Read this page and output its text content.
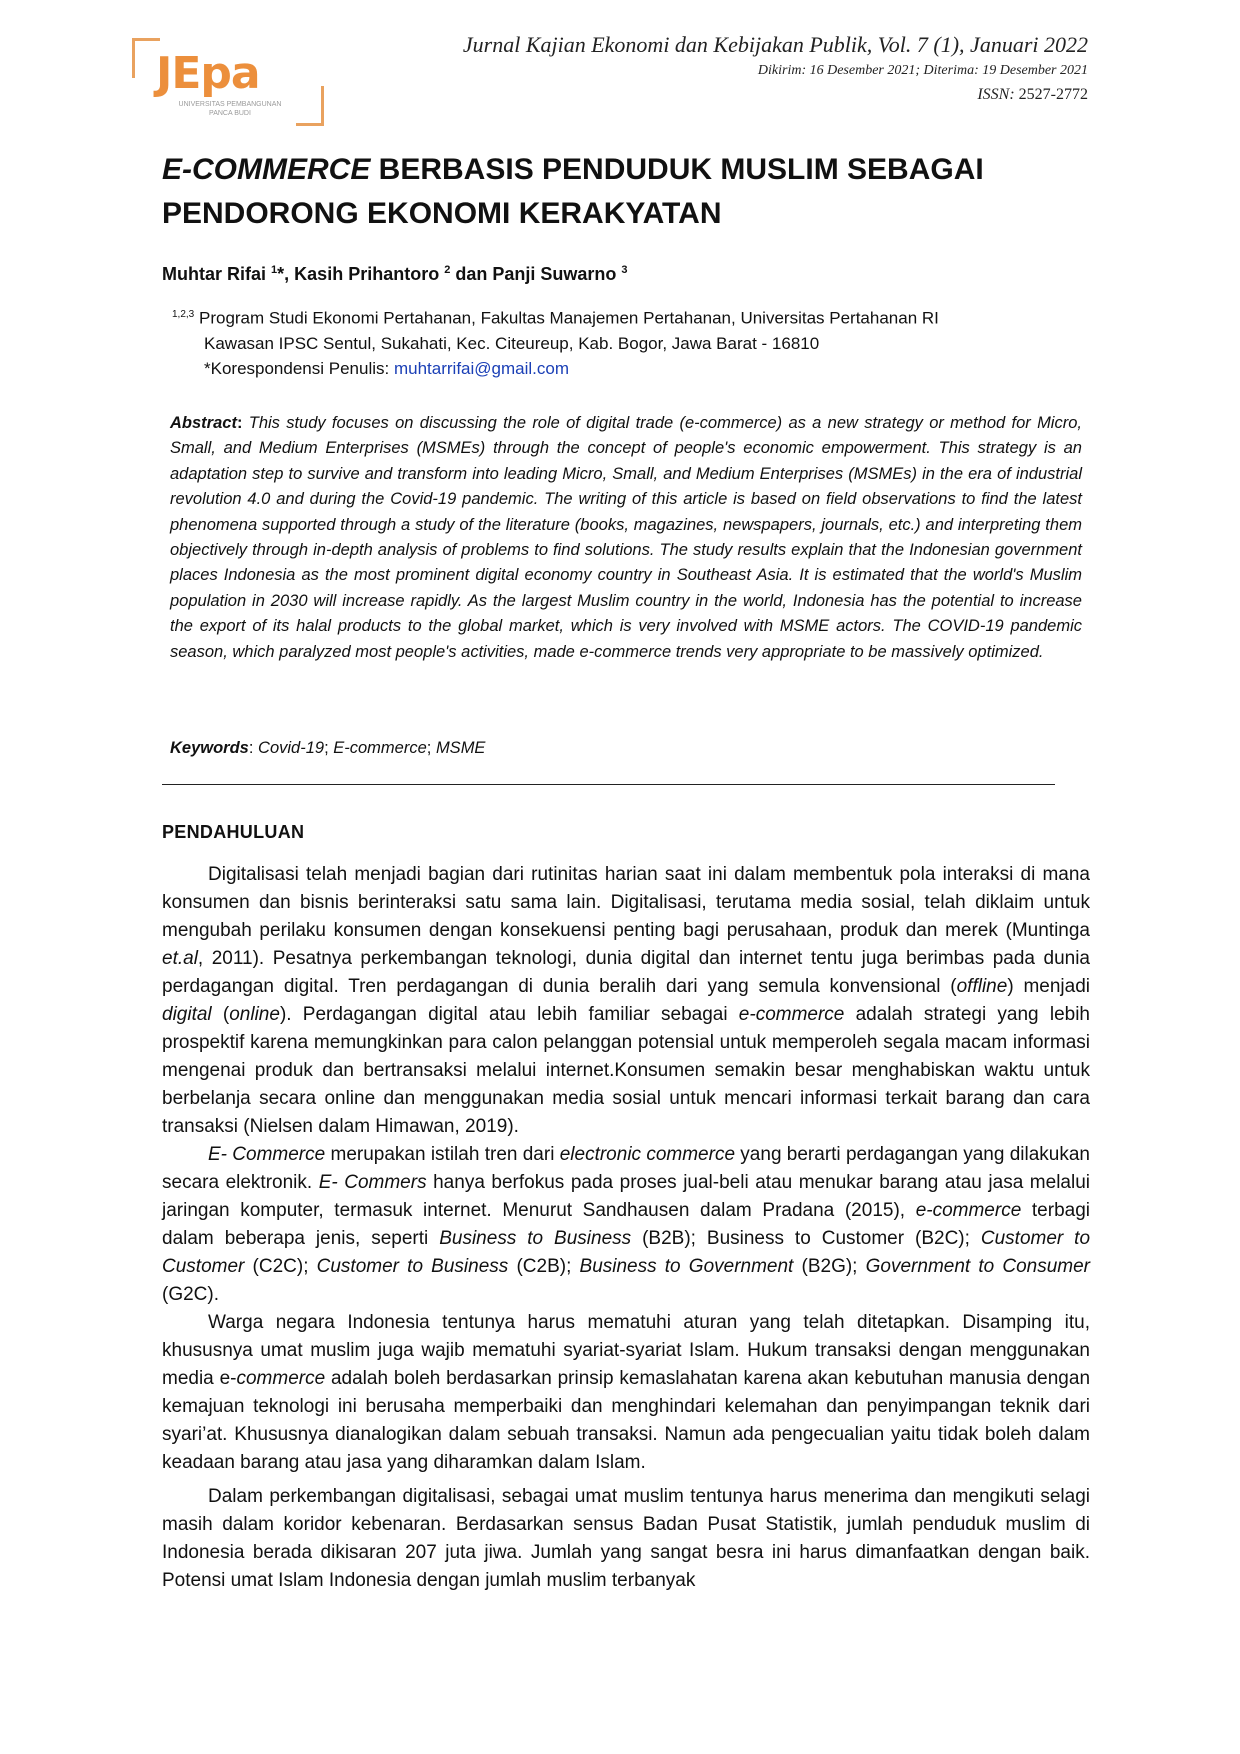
JEpa
UNIVERSITAS PEMBANGUNAN PANCA BUDI
Jurnal Kajian Ekonomi dan Kebijakan Publik, Vol. 7 (1), Januari 2022
Dikirim: 16 Desember 2021; Diterima: 19 Desember 2021
ISSN: 2527-2772
E-COMMERCE BERBASIS PENDUDUK MUSLIM SEBAGAI PENDORONG EKONOMI KERAKYATAN
Muhtar Rifai $^1$*, Kasih Prihantoro $^2$ dan Panji Suwarno $^3$
$^{1,2,3}$ Program Studi Ekonomi Pertahanan, Fakultas Manajemen Pertahanan, Universitas Pertahanan RI
Kawasan IPSC Sentul, Sukahati, Kec. Citeureup, Kab. Bogor, Jawa Barat - 16810
*Korespondensi Penulis: muhtarrifai@gmail.com

Abstract: This study focuses on discussing the role of digital trade (e-commerce) as a new strategy or method for Micro, Small, and Medium Enterprises (MSMEs) through the concept of people's economic empowerment. This strategy is an adaptation step to survive and transform into leading Micro, Small, and Medium Enterprises (MSMEs) in the era of industrial revolution 4.0 and during the Covid-19 pandemic. The writing of this article is based on field observations to find the latest phenomena supported through a study of the literature (books, magazines, newspapers, journals, etc.) and interpreting them objectively through in-depth analysis of problems to find solutions. The study results explain that the Indonesian government places Indonesia as the most prominent digital economy country in Southeast Asia. It is estimated that the world's Muslim population in 2030 will increase rapidly. As the largest Muslim country in the world, Indonesia has the potential to increase the export of its halal products to the global market, which is very involved with MSME actors. The COVID-19 pandemic season, which paralyzed most people's activities, made e-commerce trends very appropriate to be massively optimized.

Keywords: Covid-19; E-commerce; MSME
PENDAHULUAN

Digitalisasi telah menjadi bagian dari rutinitas harian saat ini dalam membentuk pola interaksi di mana konsumen dan bisnis berinteraksi satu sama lain. Digitalisasi, terutama media sosial, telah diklaim untuk mengubah perilaku konsumen dengan konsekuensi penting bagi perusahaan, produk dan merek (Muntinga et.al, 2011). Pesatnya perkembangan teknologi, dunia digital dan internet tentu juga berimbas pada dunia perdagangan digital. Tren perdagangan di dunia beralih dari yang semula konvensional (offline) menjadi digital (online). Perdagangan digital atau lebih familiar sebagai e-commerce adalah strategi yang lebih prospektif karena memungkinkan para calon pelanggan potensial untuk memperoleh segala macam informasi mengenai produk dan bertransaksi melalui internet.Konsumen semakin besar menghabiskan waktu untuk berbelanja secara online dan menggunakan media sosial untuk mencari informasi terkait barang dan cara transaksi (Nielsen dalam Himawan, 2019).

E- Commerce merupakan istilah tren dari electronic commerce yang berarti perdagangan yang dilakukan secara elektronik. E- Commers hanya berfokus pada proses jual-beli atau menukar barang atau jasa melalui jaringan komputer, termasuk internet. Menurut Sandhausen dalam Pradana (2015), e-commerce terbagi dalam beberapa jenis, seperti Business to Business (B2B); Business to Customer (B2C); Customer to Customer (C2C); Customer to Business (C2B); Business to Government (B2G); Government to Consumer (G2C).

Warga negara Indonesia tentunya harus mematuhi aturan yang telah ditetapkan. Disamping itu, khususnya umat muslim juga wajib mematuhi syariat-syariat Islam. Hukum transaksi dengan menggunakan media e-commerce adalah boleh berdasarkan prinsip kemaslahatan karena akan kebutuhan manusia dengan kemajuan teknologi ini berusaha memperbaiki dan menghindari kelemahan dan penyimpangan teknik dari syari’at. Khususnya dianalogikan dalam sebuah transaksi. Namun ada pengecualian yaitu tidak boleh dalam keadaan barang atau jasa yang diharamkan dalam Islam.

Dalam perkembangan digitalisasi, sebagai umat muslim tentunya harus menerima dan mengikuti selagi masih dalam koridor kebenaran. Berdasarkan sensus Badan Pusat Statistik, jumlah penduduk muslim di Indonesia berada dikisaran 207 juta jiwa. Jumlah yang sangat besra ini harus dimanfaatkan dengan baik. Potensi umat Islam Indonesia dengan jumlah muslim terbanyak
